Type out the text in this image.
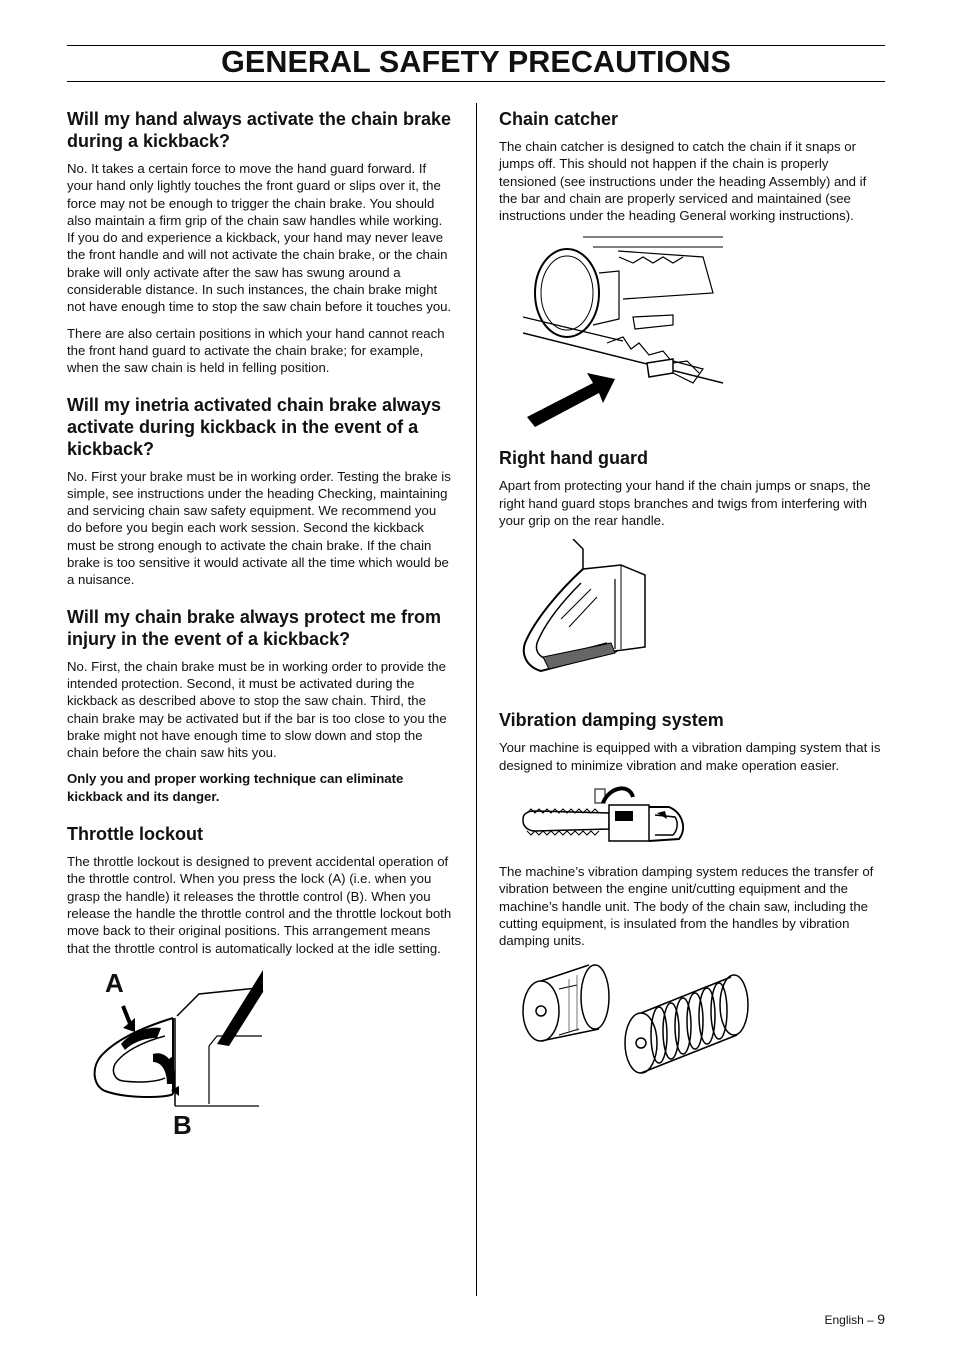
GENERAL SAFETY PRECAUTIONS
Will my hand always activate the chain brake during a kickback?

No. It takes a certain force to move the hand guard forward. If your hand only lightly touches the front guard or slips over it, the force may not be enough to trigger the chain brake. You should also maintain a firm grip of the chain saw handles while working. If you do and experience a kickback, your hand may never leave the front handle and will not activate the chain brake, or the chain brake will only activate after the saw has swung around a considerable distance. In such instances, the chain brake might not have enough time to stop the saw chain before it touches you.

There are also certain positions in which your hand cannot reach the front hand guard to activate the chain brake; for example, when the saw chain is held in felling position.

Will my inetria activated chain brake always activate during kickback in the event of a kickback?

No. First your brake must be in working order. Testing the brake is simple, see instructions under the heading Checking, maintaining and servicing chain saw safety equipment. We recommend you do before you begin each work session. Second the kickback must be strong enough to activate the chain brake. If the chain brake is too sensitive it would activate all the time which would be a nuisance.

Will my chain brake always protect me from injury in the event of a kickback?

No. First, the chain brake must be in working order to provide the intended protection. Second, it must be activated during the kickback as described above to stop the saw chain. Third, the chain brake may be activated but if the bar is too close to you the brake might not have enough time to slow down and stop the chain before the chain saw hits you.

Only you and proper working technique can eliminate kickback and its danger.

Throttle lockout

The throttle lockout is designed to prevent accidental operation of the throttle control. When you press the lock (A) (i.e. when you grasp the handle) it releases the throttle control (B). When you release the handle the throttle control and the throttle lockout both move back to their original positions. This arrangement means that the throttle control is automatically locked at the idle setting.

A
B
Chain catcher

The chain catcher is designed to catch the chain if it snaps or jumps off. This should not happen if the chain is properly tensioned (see instructions under the heading Assembly) and if the bar and chain are properly serviced and maintained (see instructions under the heading General working instructions).

Right hand guard

Apart from protecting your hand if the chain jumps or snaps, the right hand guard stops branches and twigs from interfering with your grip on the rear handle.

Vibration damping system

Your machine is equipped with a vibration damping system that is designed to minimize vibration and make operation easier.

The machine’s vibration damping system reduces the transfer of vibration between the engine unit/cutting equipment and the machine’s handle unit. The body of the chain saw, including the cutting equipment, is insulated from the handles by vibration damping units.

English – 9
